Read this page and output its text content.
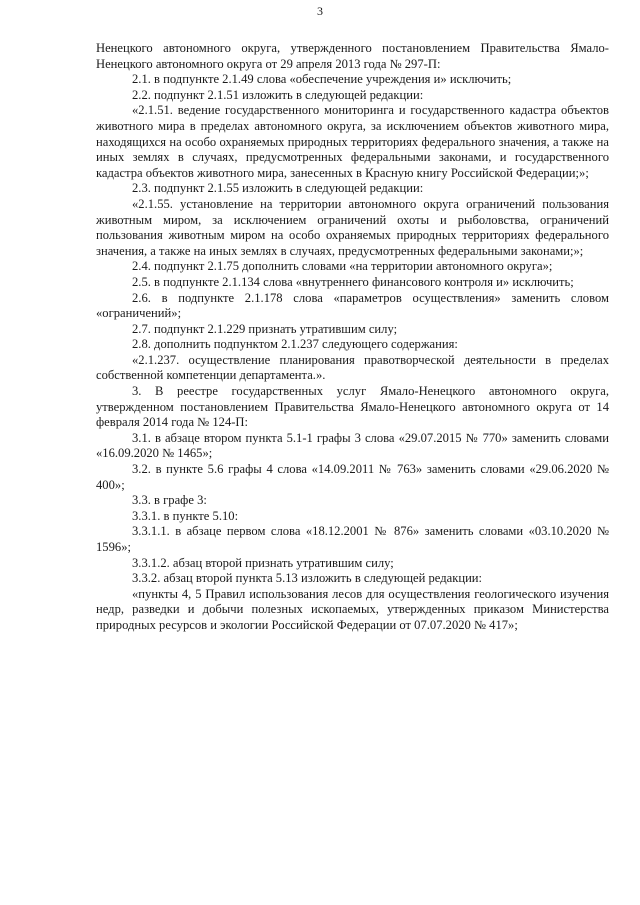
3

Ненецкого автономного округа, утвержденного постановлением Правительства Ямало-Ненецкого автономного округа от 29 апреля 2013 года № 297-П:

2.1. в подпункте 2.1.49 слова «обеспечение учреждения и» исключить;

2.2. подпункт 2.1.51 изложить в следующей редакции:

«2.1.51. ведение государственного мониторинга и государственного кадастра объектов животного мира в пределах автономного округа, за исключением объектов животного мира, находящихся на особо охраняемых природных территориях федерального значения, а также на иных землях в случаях, предусмотренных федеральными законами, и государственного кадастра объектов животного мира, занесенных в Красную книгу Российской Федерации;»;

2.3. подпункт 2.1.55 изложить в следующей редакции:

«2.1.55. установление на территории автономного округа ограничений пользования животным миром, за исключением ограничений охоты и рыболовства, ограничений пользования животным миром на особо охраняемых природных территориях федерального значения, а также на иных землях в случаях, предусмотренных федеральными законами;»;

2.4. подпункт 2.1.75 дополнить словами «на территории автономного округа»;

2.5. в подпункте 2.1.134 слова «внутреннего финансового контроля и» исключить;

2.6. в подпункте 2.1.178 слова «параметров осуществления» заменить словом «ограничений»;

2.7. подпункт 2.1.229 признать утратившим силу;

2.8. дополнить подпунктом 2.1.237 следующего содержания:

«2.1.237. осуществление планирования правотворческой деятельности в пределах собственной компетенции департамента.».

3. В реестре государственных услуг Ямало-Ненецкого автономного округа, утвержденном постановлением Правительства Ямало-Ненецкого автономного округа от 14 февраля 2014 года № 124-П:

3.1. в абзаце втором пункта 5.1-1 графы 3 слова «29.07.2015 № 770» заменить словами «16.09.2020 № 1465»;

3.2. в пункте 5.6 графы 4 слова «14.09.2011 № 763» заменить словами «29.06.2020 № 400»;

3.3. в графе 3:

3.3.1. в пункте 5.10:

3.3.1.1. в абзаце первом слова «18.12.2001 № 876» заменить словами «03.10.2020 № 1596»;

3.3.1.2. абзац второй признать утратившим силу;

3.3.2. абзац второй пункта 5.13 изложить в следующей редакции:

«пункты 4, 5 Правил использования лесов для осуществления геологического изучения недр, разведки и добычи полезных ископаемых, утвержденных приказом Министерства природных ресурсов и экологии Российской Федерации от 07.07.2020 № 417»;
